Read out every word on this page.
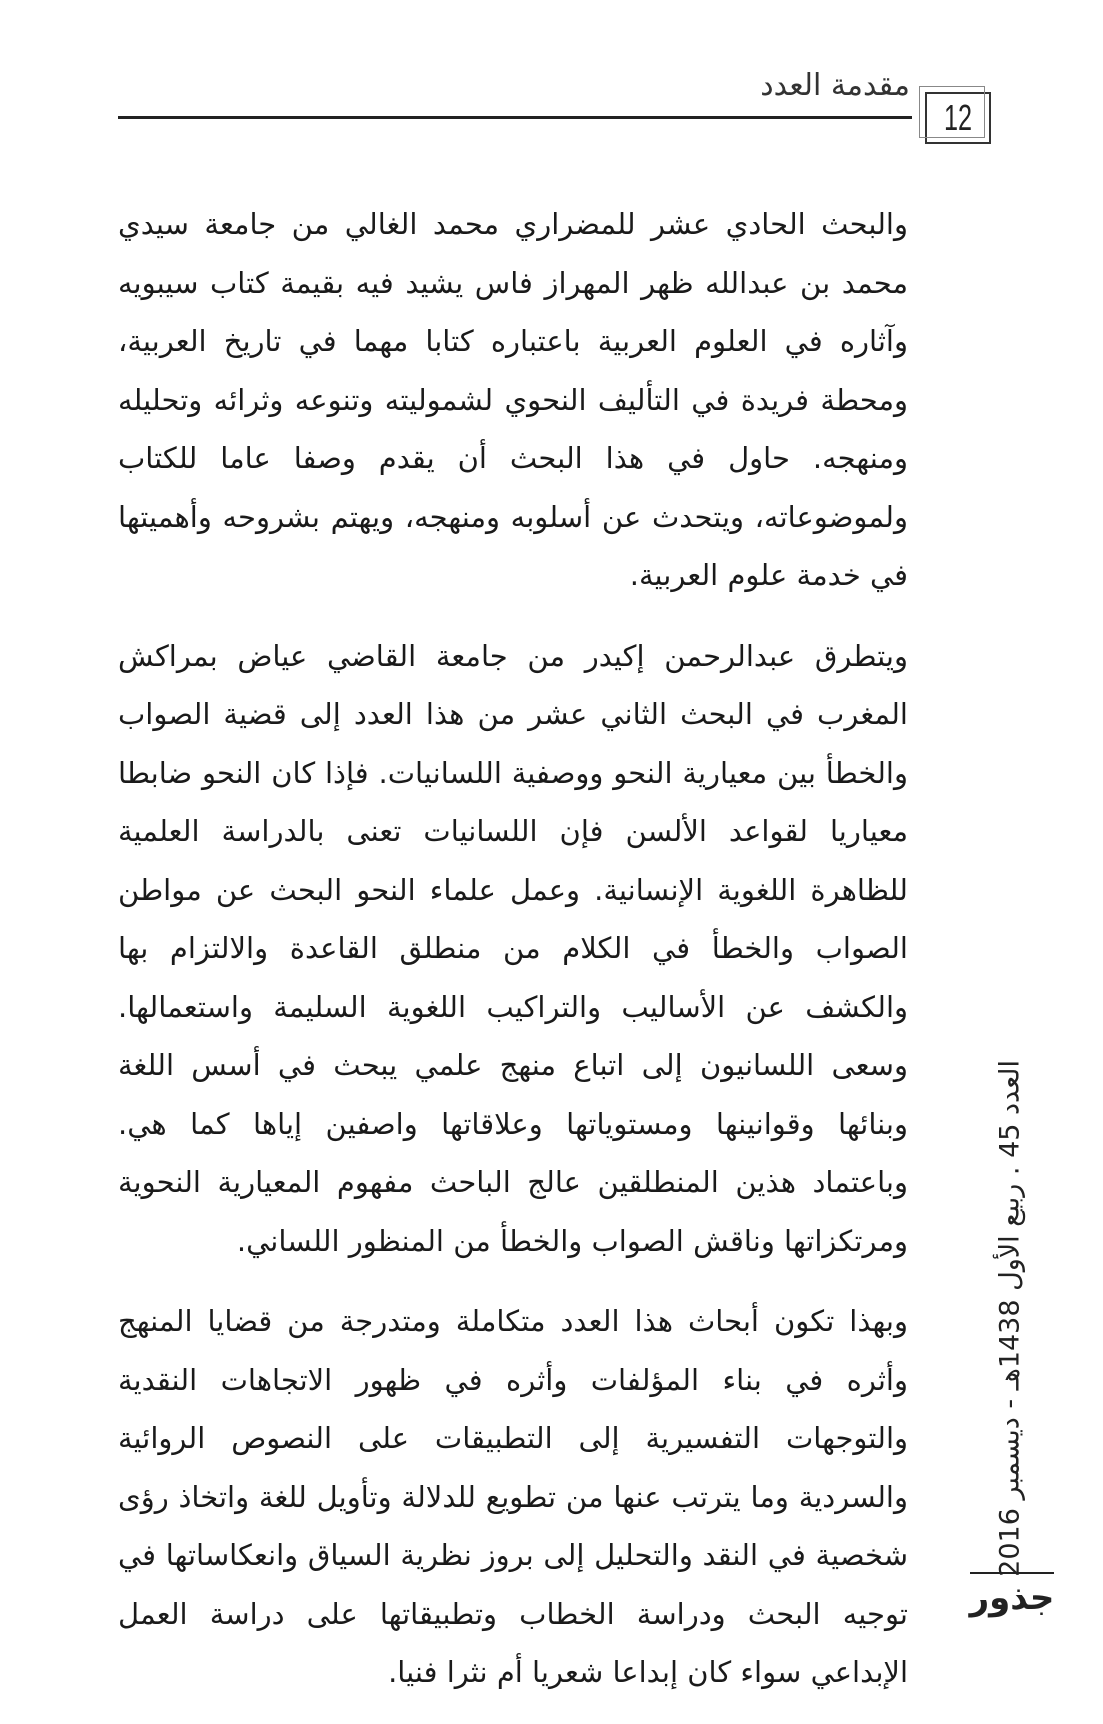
12
مقدمة العدد

والبحث الحادي عشر للمضراري محمد الغالي من جامعة سيدي محمد بن عبدالله ظهر المهراز فاس يشيد فيه بقيمة كتاب سيبويه وآثاره في العلوم العربية باعتباره كتابا مهما في تاريخ العربية، ومحطة فريدة في التأليف النحوي لشموليته وتنوعه وثرائه وتحليله ومنهجه. حاول في هذا البحث أن يقدم وصفا عاما للكتاب ولموضوعاته، ويتحدث عن أسلوبه ومنهجه، ويهتم بشروحه وأهميتها في خدمة علوم العربية.

ويتطرق عبدالرحمن إكيدر من جامعة القاضي عياض بمراكش المغرب في البحث الثاني عشر من هذا العدد إلى قضية الصواب والخطأ بين معيارية النحو ووصفية اللسانيات. فإذا كان النحو ضابطا معياريا لقواعد الألسن فإن اللسانيات تعنى بالدراسة العلمية للظاهرة اللغوية الإنسانية. وعمل علماء النحو البحث عن مواطن الصواب والخطأ في الكلام من منطلق القاعدة والالتزام بها والكشف عن الأساليب والتراكيب اللغوية السليمة واستعمالها. وسعى اللسانيون إلى اتباع منهج علمي يبحث في أسس اللغة وبنائها وقوانينها ومستوياتها وعلاقاتها واصفين إياها كما هي. وباعتماد هذين المنطلقين عالج الباحث مفهوم المعيارية النحوية ومرتكزاتها وناقش الصواب والخطأ من المنظور اللساني.

وبهذا تكون أبحاث هذا العدد متكاملة ومتدرجة من قضايا المنهج وأثره في بناء المؤلفات وأثره في ظهور الاتجاهات النقدية والتوجهات التفسيرية إلى التطبيقات على النصوص الروائية والسردية وما يترتب عنها من تطويع للدلالة وتأويل للغة واتخاذ رؤى شخصية في النقد والتحليل إلى بروز نظرية السياق وانعكاساتها في توجيه البحث ودراسة الخطاب وتطبيقاتها على دراسة العمل الإبداعي سواء كان إبداعا شعريا أم نثرا فنيا.

العدد 45 . ربيع الأول 1438هـ - ديسمبر 2016
جذور
